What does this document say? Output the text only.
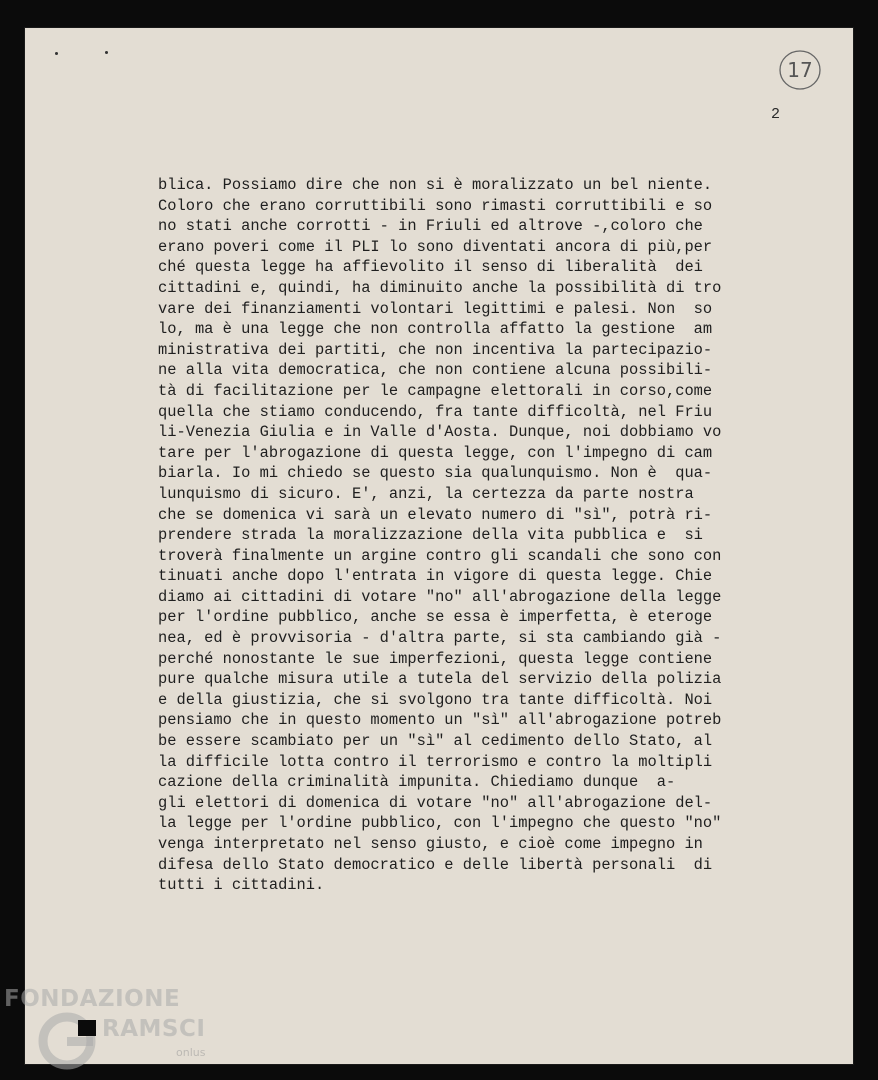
17
2
blica. Possiamo dire che non si è moralizzato un bel niente.
Coloro che erano corruttibili sono rimasti corruttibili e so
no stati anche corrotti - in Friuli ed altrove -,coloro che
erano poveri come il PLI lo sono diventati ancora di più,per
ché questa legge ha affievolito il senso di liberalità  dei
cittadini e, quindi, ha diminuito anche la possibilità di tro
vare dei finanziamenti volontari legittimi e palesi. Non  so
lo, ma è una legge che non controlla affatto la gestione  am
ministrativa dei partiti, che non incentiva la partecipazio-
ne alla vita democratica, che non contiene alcuna possibili-
tà di facilitazione per le campagne elettorali in corso,come
quella che stiamo conducendo, fra tante difficoltà, nel Friu
li-Venezia Giulia e in Valle d'Aosta. Dunque, noi dobbiamo vo
tare per l'abrogazione di questa legge, con l'impegno di cam
biarla. Io mi chiedo se questo sia qualunquismo. Non è  qua-
lunquismo di sicuro. E', anzi, la certezza da parte nostra
che se domenica vi sarà un elevato numero di "sì", potrà ri-
prendere strada la moralizzazione della vita pubblica e  si
troverà finalmente un argine contro gli scandali che sono con
tinuati anche dopo l'entrata in vigore di questa legge. Chie
diamo ai cittadini di votare "no" all'abrogazione della legge
per l'ordine pubblico, anche se essa è imperfetta, è eteroge
nea, ed è provvisoria - d'altra parte, si sta cambiando già -
perché nonostante le sue imperfezioni, questa legge contiene
pure qualche misura utile a tutela del servizio della polizia
e della giustizia, che si svolgono tra tante difficoltà. Noi
pensiamo che in questo momento un "sì" all'abrogazione potreb
be essere scambiato per un "sì" al cedimento dello Stato, al
la difficile lotta contro il terrorismo e contro la moltipli
cazione della criminalità impunita. Chiediamo dunque  a-
gli elettori di domenica di votare "no" all'abrogazione del-
la legge per l'ordine pubblico, con l'impegno che questo "no"
venga interpretato nel senso giusto, e cioè come impegno in
difesa dello Stato democratico e delle libertà personali  di
tutti i cittadini.
FONDAZIONE
RAMSCI
onlus
